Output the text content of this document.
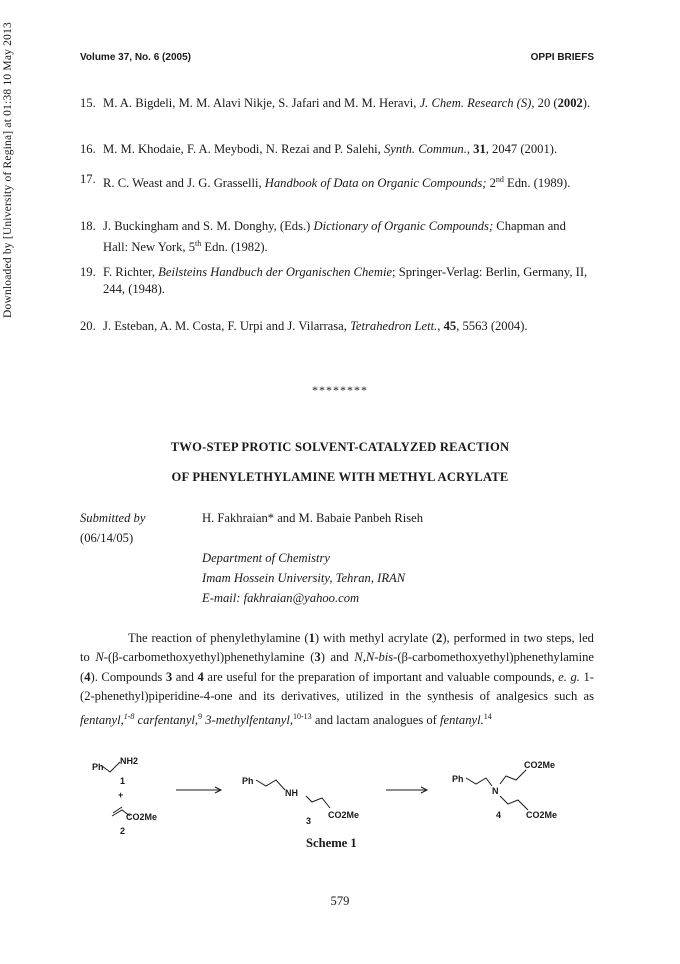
Downloaded by [University of Regina] at 01:38 10 May 2013	Volume 37, No. 6 (2005)	OPPI BRIEFS
15. M. A. Bigdeli, M. M. Alavi Nikje, S. Jafari and M. M. Heravi, J. Chem. Research (S), 20 (2002).
16. M. M. Khodaie, F. A. Meybodi, N. Rezai and P. Salehi, Synth. Commun., 31, 2047 (2001).
17. R. C. Weast and J. G. Grasselli, Handbook of Data on Organic Compounds; 2nd Edn. (1989).
18. J. Buckingham and S. M. Donghy, (Eds.) Dictionary of Organic Compounds; Chapman and Hall: New York, 5th Edn. (1982).
19. F. Richter, Beilsteins Handbuch der Organischen Chemie; Springer-Verlag: Berlin, Germany, II, 244, (1948).
20. J. Esteban, A. M. Costa, F. Urpi and J. Vilarrasa, Tetrahedron Lett., 45, 5563 (2004).
********
TWO-STEP PROTIC SOLVENT-CATALYZED REACTION
OF PHENYLETHYLAMINE WITH METHYL ACRYLATE
Submitted by
(06/14/05)
H. Fakhraian* and M. Babaie Panbeh Riseh
Department of Chemistry
Imam Hossein University, Tehran, IRAN
E-mail: fakhraian@yahoo.com

The reaction of phenylethylamine (1) with methyl acrylate (2), performed in two steps, led to N-(β-carbomethoxyethyl)phenethylamine (3) and N,N-bis-(β-carbomethoxyethyl)phenethylamine (4). Compounds 3 and 4 are useful for the preparation of important and valuable compounds, e. g. 1-(2-phenethyl)piperidine-4-one and its derivatives, utilized in the synthesis of analgesics such as fentanyl,$^{1-8}$ carfentanyl,$^9$ 3-methylfentanyl,$^{10-13}$ and lactam analogues of fentanyl.$^{14}$

Ph
NH2
1
+
CO2Me
2
Ph
NH
CO2Me
3
Ph
N
CO2Me
CO2Me
4
Scheme 1
579
